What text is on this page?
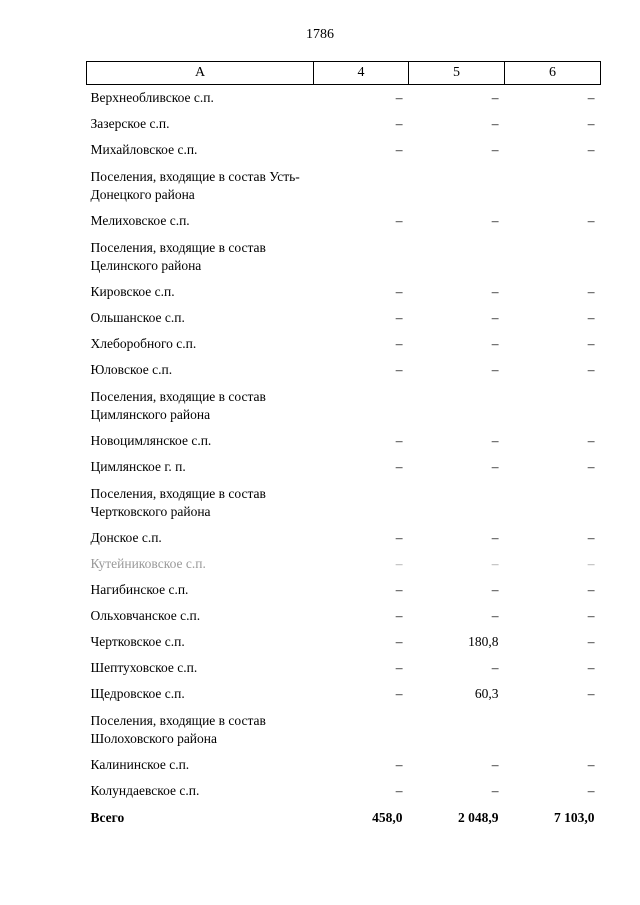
1786
А	4	5	6
Верхнеобливское с.п.	–	–	–
Зазерское с.п.	–	–	–
Михайловское с.п.	–	–	–
Поселения, входящие в состав Усть-Донецкого района			
Мелиховское с.п.	–	–	–
Поселения, входящие в состав Целинского района			
Кировское с.п.	–	–	–
Ольшанское с.п.	–	–	–
Хлеборобного с.п.	–	–	–
Юловское с.п.	–	–	–
Поселения, входящие в состав Цимлянского района			
Новоцимлянское с.п.	–	–	–
Цимлянское г. п.	–	–	–
Поселения, входящие в состав Чертковского района			
Донское с.п.	–	–	–
Кутейниковское с.п.	–	–	–
Нагибинское с.п.	–	–	–
Ольховчанское с.п.	–	–	–
Чертковское с.п.	–	180,8	–
Шептуховское с.п.	–	–	–
Щедровское с.п.	–	60,3	–
Поселения, входящие в состав Шолоховского района			
Калининское с.п.	–	–	–
Колундаевское с.п.	–	–	–
Всего	458,0	2 048,9	7 103,0
